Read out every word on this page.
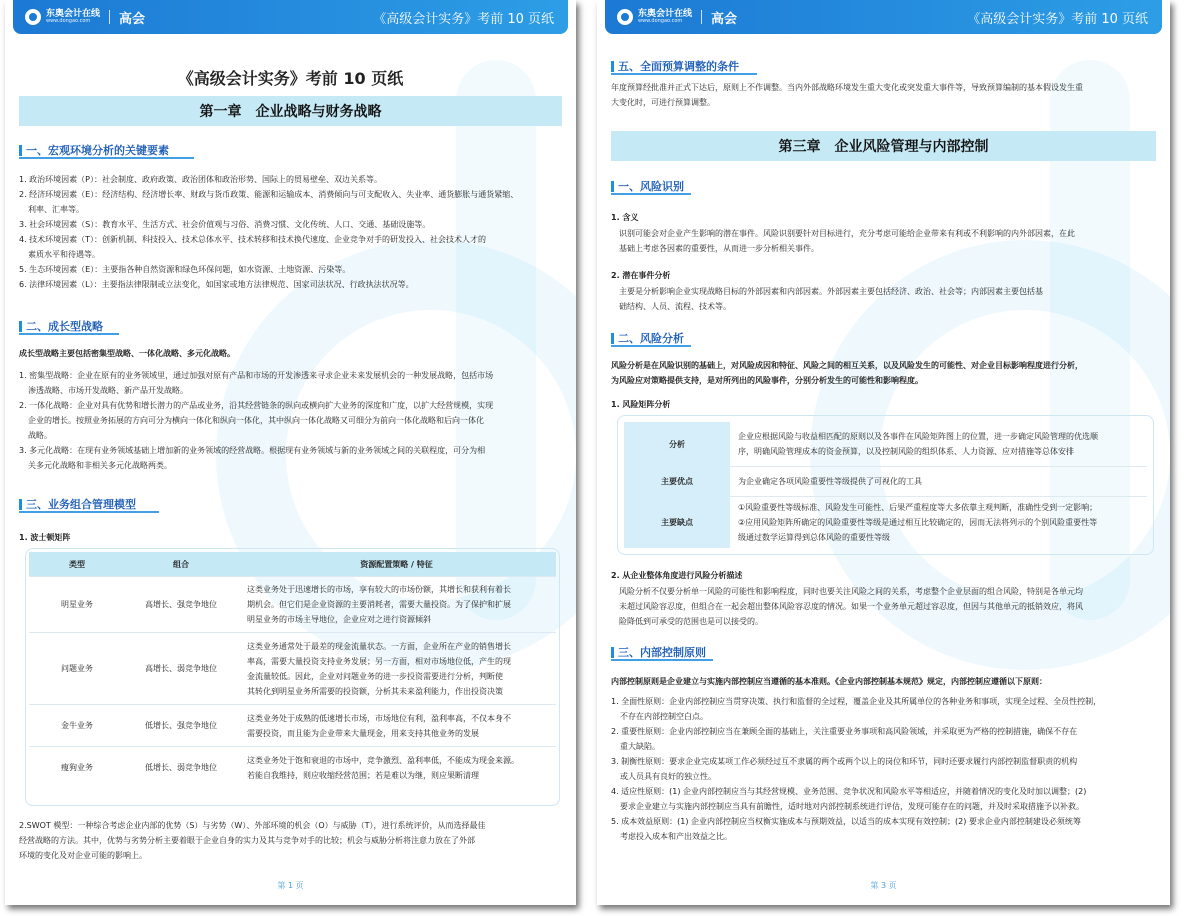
东奥会计在线
www.dongao.com	高会	《高级会计实务》考前 10 页纸
《高级会计实务》考前 10 页纸
第一章　企业战略与财务战略
一、宏观环境分析的关键要素
1. 政治环境因素（P）：社会制度、政府政策、政治团体和政治形势、国际上的贸易壁垒、双边关系等。
2. 经济环境因素（E）：经济结构、经济增长率、财政与货币政策、能源和运输成本、消费倾向与可支配收入、失业率、通货膨胀与通货紧缩、
利率、汇率等。
3. 社会环境因素（S）：教育水平、生活方式、社会价值观与习俗、消费习惯、文化传统、人口、交通、基础设施等。
4. 技术环境因素（T）：创新机制、科技投入、技术总体水平、技术转移和技术换代速度、企业竞争对手的研发投入、社会技术人才的
素质水平和待遇等。
5. 生态环境因素（E）：主要指各种自然资源和绿色环保问题，如水资源、土地资源、污染等。
6. 法律环境因素（L）：主要指法律限制或立法变化，如国家或地方法律规范、国家司法状况、行政执法状况等。
二、成长型战略
成长型战略主要包括密集型战略、一体化战略、多元化战略。
1. 密集型战略：企业在原有的业务领域里，通过加强对原有产品和市场的开发渗透来寻求企业未来发展机会的一种发展战略，包括市场
渗透战略、市场开发战略、新产品开发战略。
2. 一体化战略：企业对具有优势和增长潜力的产品或业务，沿其经营链条的纵向或横向扩大业务的深度和广度，以扩大经营规模，实现
企业的增长。按照业务拓展的方向可分为横向一体化和纵向一体化，其中纵向一体化战略又可细分为前向一体化战略和后向一体化
战略。
3. 多元化战略：在现有业务领域基础上增加新的业务领域的经营战略。根据现有业务领域与新的业务领域之间的关联程度，可分为相
关多元化战略和非相关多元化战略两类。
三、业务组合管理模型
1. 波士顿矩阵
类型	组合	资源配置策略 / 特征
明星业务	高增长、强竞争地位	这类业务处于迅速增长的市场，享有较大的市场份额，其增长和获利有着长
期机会。但它们是企业资源的主要消耗者，需要大量投资。为了保护和扩展
明星业务的市场主导地位，企业应对之进行资源倾斜

问题业务	高增长、弱竞争地位	这类业务通常处于最差的现金流量状态。一方面，企业所在产业的销售增长
率高，需要大量投资支持业务发展；另一方面，相对市场地位低，产生的现
金流量较低。因此，企业对问题业务的进一步投资需要进行分析，判断使
其转化到明星业务所需要的投资额，分析其未来盈利能力，作出投资决策

金牛业务	低增长、强竞争地位	这类业务处于成熟的低速增长市场，市场地位有利，盈利率高，不仅本身不
需要投资，而且能为企业带来大量现金，用来支持其他业务的发展

瘦狗业务	低增长、弱竞争地位	这类业务处于饱和衰退的市场中，竞争激烈、盈利率低，不能成为现金来源。
若能自我维持，则应收缩经营范围；若是难以为继，则应果断清理
2.SWOT 模型：一种综合考虑企业内部的优势（S）与劣势（W）、外部环境的机会（O）与威胁（T），进行系统评价，从而选择最佳
经营战略的方法。其中，优势与劣势分析主要着眼于企业自身的实力及其与竞争对手的比较；机会与威胁分析将注意力放在了外部
环境的变化及对企业可能的影响上。
第 1 页
东奥会计在线
www.dongao.com	高会	《高级会计实务》考前 10 页纸
五、全面预算调整的条件
年度预算经批准并正式下达后，原则上不作调整。当内外部战略环境发生重大变化或突发重大事件等，导致预算编制的基本假设发生重
大变化时，可进行预算调整。
第三章　企业风险管理与内部控制
一、风险识别
1. 含义
识别可能会对企业产生影响的潜在事件。风险识别要针对目标进行，充分考虑可能给企业带来有利或不利影响的内外部因素，在此
基础上考虑各因素的重要性，从而进一步分析相关事件。
2. 潜在事件分析
主要是分析影响企业实现战略目标的外部因素和内部因素。外部因素主要包括经济、政治、社会等；内部因素主要包括基
础结构、人员、流程、技术等。
二、风险分析
风险分析是在风险识别的基础上，对风险成因和特征、风险之间的相互关系，以及风险发生的可能性、对企业目标影响程度进行分析，
为风险应对策略提供支持，是对所列出的风险事件，分别分析发生的可能性和影响程度。
1. 风险矩阵分析
分析	企业应根据风险与收益相匹配的原则以及各事件在风险矩阵图上的位置，进一步确定风险管理的优选顺
序，明确风险管理成本的资金预算，以及控制风险的组织体系、人力资源、应对措施等总体安排

主要优点	为企业确定各项风险重要性等级提供了可视化的工具
主要缺点	①风险重要性等级标准、风险发生可能性、后果严重程度等大多依靠主观判断，准确性受到一定影响；
②应用风险矩阵所确定的风险重要性等级是通过相互比较确定的，因而无法将列示的个别风险重要性等
级通过数学运算得到总体风险的重要性等级
2. 从企业整体角度进行风险分析描述
风险分析不仅要分析单一风险的可能性和影响程度，同时也要关注风险之间的关系，考虑整个企业层面的组合风险，特别是各单元均
未超过风险容忍度，但组合在一起会超出整体风险容忍度的情况。如果一个业务单元超过容忍度，但因与其他单元的抵销效应，将风
险降低到可承受的范围也是可以接受的。
三、内部控制原则
内部控制原则是企业建立与实施内部控制应当遵循的基本准则。《企业内部控制基本规范》规定，内部控制应遵循以下原则：
1. 全面性原则：企业内部控制应当贯穿决策、执行和监督的全过程，覆盖企业及其所属单位的各种业务和事项，实现全过程、全员性控制，
不存在内部控制空白点。
2. 重要性原则：企业内部控制应当在兼顾全面的基础上，关注重要业务事项和高风险领域，并采取更为严格的控制措施，确保不存在
重大缺陷。
3. 制衡性原则：要求企业完成某项工作必须经过互不隶属的两个或两个以上的岗位和环节，同时还要求履行内部控制监督职责的机构
或人员具有良好的独立性。
4. 适应性原则：(1) 企业内部控制应当与其经营规模、业务范围、竞争状况和风险水平等相适应，并随着情况的变化及时加以调整；(2)
要求企业建立与实施内部控制应当具有前瞻性，适时地对内部控制系统进行评估，发现可能存在的问题，并及时采取措施予以补救。
5. 成本效益原则：(1) 企业内部控制应当权衡实施成本与预期效益，以适当的成本实现有效控制；(2) 要求企业内部控制建设必须统筹
考虑投入成本和产出效益之比。
第 3 页
